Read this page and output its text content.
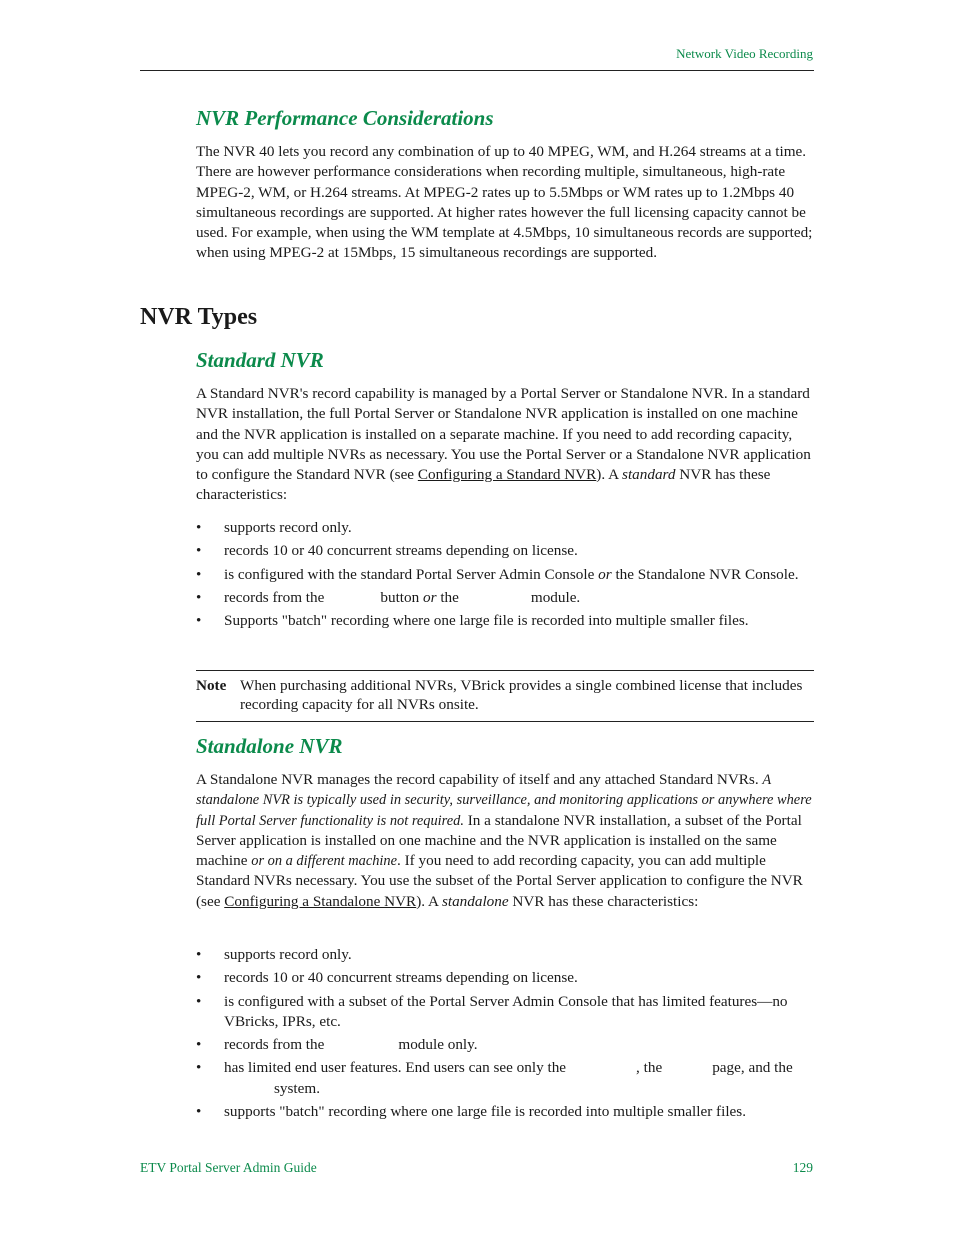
Network Video Recording
NVR Performance Considerations

The NVR 40 lets you record any combination of up to 40 MPEG, WM, and H.264 streams at a time. There are however performance considerations when recording multiple, simultaneous, high-rate MPEG-2, WM, or H.264 streams. At MPEG-2 rates up to 5.5Mbps or WM rates up to 1.2Mbps 40 simultaneous recordings are supported. At higher rates however the full licensing capacity cannot be used. For example, when using the WM template at 4.5Mbps, 10 simultaneous records are supported; when using MPEG-2 at 15Mbps, 15 simultaneous recordings are supported.

NVR Types
Standard NVR

A Standard NVR's record capability is managed by a Portal Server or Standalone NVR. In a standard NVR installation, the full Portal Server or Standalone NVR application is installed on one machine and the NVR application is installed on a separate machine. If you need to add recording capacity, you can add multiple NVRs as necessary. You use the Portal Server or a Standalone NVR application to configure the Standard NVR (see Configuring a Standard NVR). A standard NVR has these characteristics:

• supports record only.
• records 10 or 40 concurrent streams depending on license.
• is configured with the standard Portal Server Admin Console or the Standalone NVR Console.
• records from the	button or the	module.
• Supports "batch" recording where one large file is recorded into multiple smaller files.
Note When purchasing additional NVRs, VBrick provides a single combined license that includes recording capacity for all NVRs onsite.
Standalone NVR

A Standalone NVR manages the record capability of itself and any attached Standard NVRs. A standalone NVR is typically used in security, surveillance, and monitoring applications or anywhere where full Portal Server functionality is not required. In a standalone NVR installation, a subset of the Portal Server application is installed on one machine and the NVR application is installed on the same machine or on a different machine. If you need to add recording capacity, you can add multiple Standard NVRs necessary. You use the subset of the Portal Server application to configure the NVR (see Configuring a Standalone NVR). A standalone NVR has these characteristics:

• supports record only.
• records 10 or 40 concurrent streams depending on license.
• is configured with a subset of the Portal Server Admin Console that has limited features—no VBricks, IPRs, etc.
• records from the	module only.
• has limited end user features. End users can see only the	, the	page, and thesystem.
• supports "batch" recording where one large file is recorded into multiple smaller files.
ETV Portal Server Admin Guide	129
